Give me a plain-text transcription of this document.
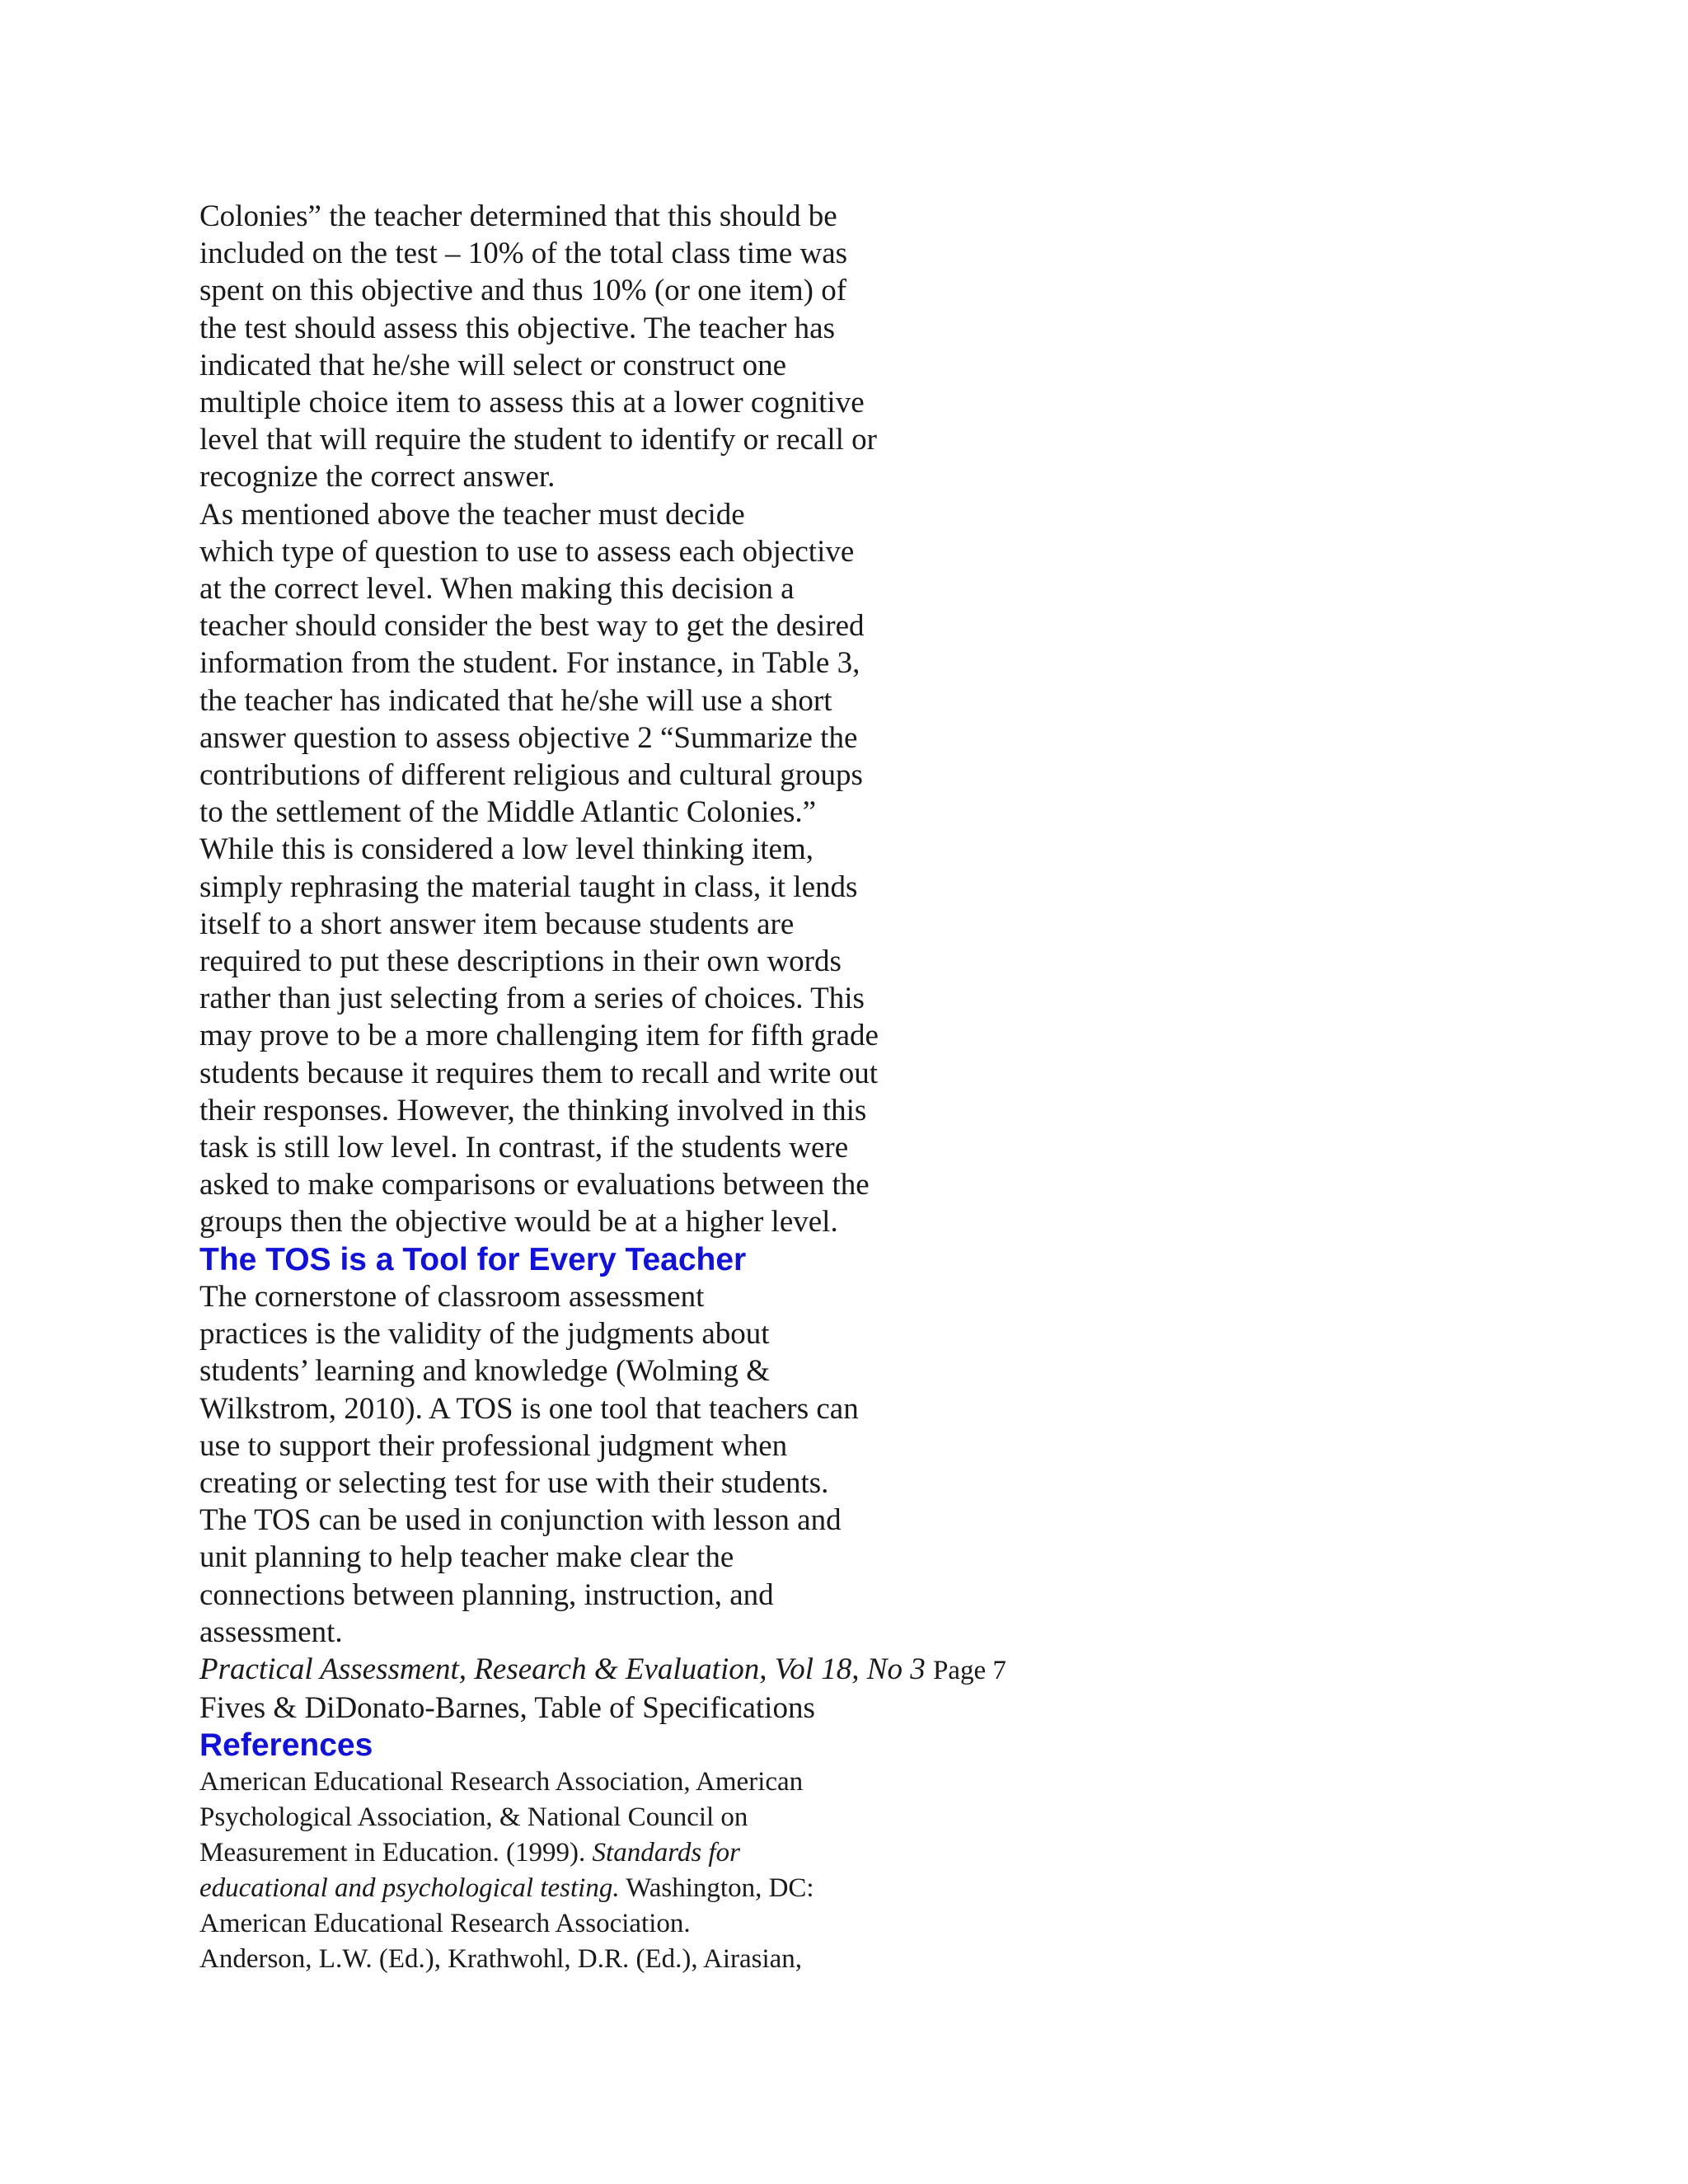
Colonies” the teacher determined that this should be
included on the test – 10% of the total class time was
spent on this objective and thus 10% (or one item) of
the test should assess this objective. The teacher has
indicated that he/she will select or construct one
multiple choice item to assess this at a lower cognitive
level that will require the student to identify or recall or
recognize the correct answer.
As mentioned above the teacher must decide
which type of question to use to assess each objective
at the correct level. When making this decision a
teacher should consider the best way to get the desired
information from the student. For instance, in Table 3,
the teacher has indicated that he/she will use a short
answer question to assess objective 2 “Summarize the
contributions of different religious and cultural groups
to the settlement of the Middle Atlantic Colonies.”
While this is considered a low level thinking item,
simply rephrasing the material taught in class, it lends
itself to a short answer item because students are
required to put these descriptions in their own words
rather than just selecting from a series of choices. This
may prove to be a more challenging item for fifth grade
students because it requires them to recall and write out
their responses. However, the thinking involved in this
task is still low level. In contrast, if the students were
asked to make comparisons or evaluations between the
groups then the objective would be at a higher level.
The TOS is a Tool for Every Teacher
The cornerstone of classroom assessment
practices is the validity of the judgments about
students’ learning and knowledge (Wolming &
Wilkstrom, 2010). A TOS is one tool that teachers can
use to support their professional judgment when
creating or selecting test for use with their students.
The TOS can be used in conjunction with lesson and
unit planning to help teacher make clear the
connections between planning, instruction, and
assessment.
Practical Assessment, Research & Evaluation, Vol 18, No 3 Page 7
Fives & DiDonato-Barnes, Table of Specifications
References
American Educational Research Association, American
Psychological Association, & National Council on
Measurement in Education. (1999). Standards for
educational and psychological testing. Washington, DC:
American Educational Research Association.
Anderson, L.W. (Ed.), Krathwohl, D.R. (Ed.), Airasian,
